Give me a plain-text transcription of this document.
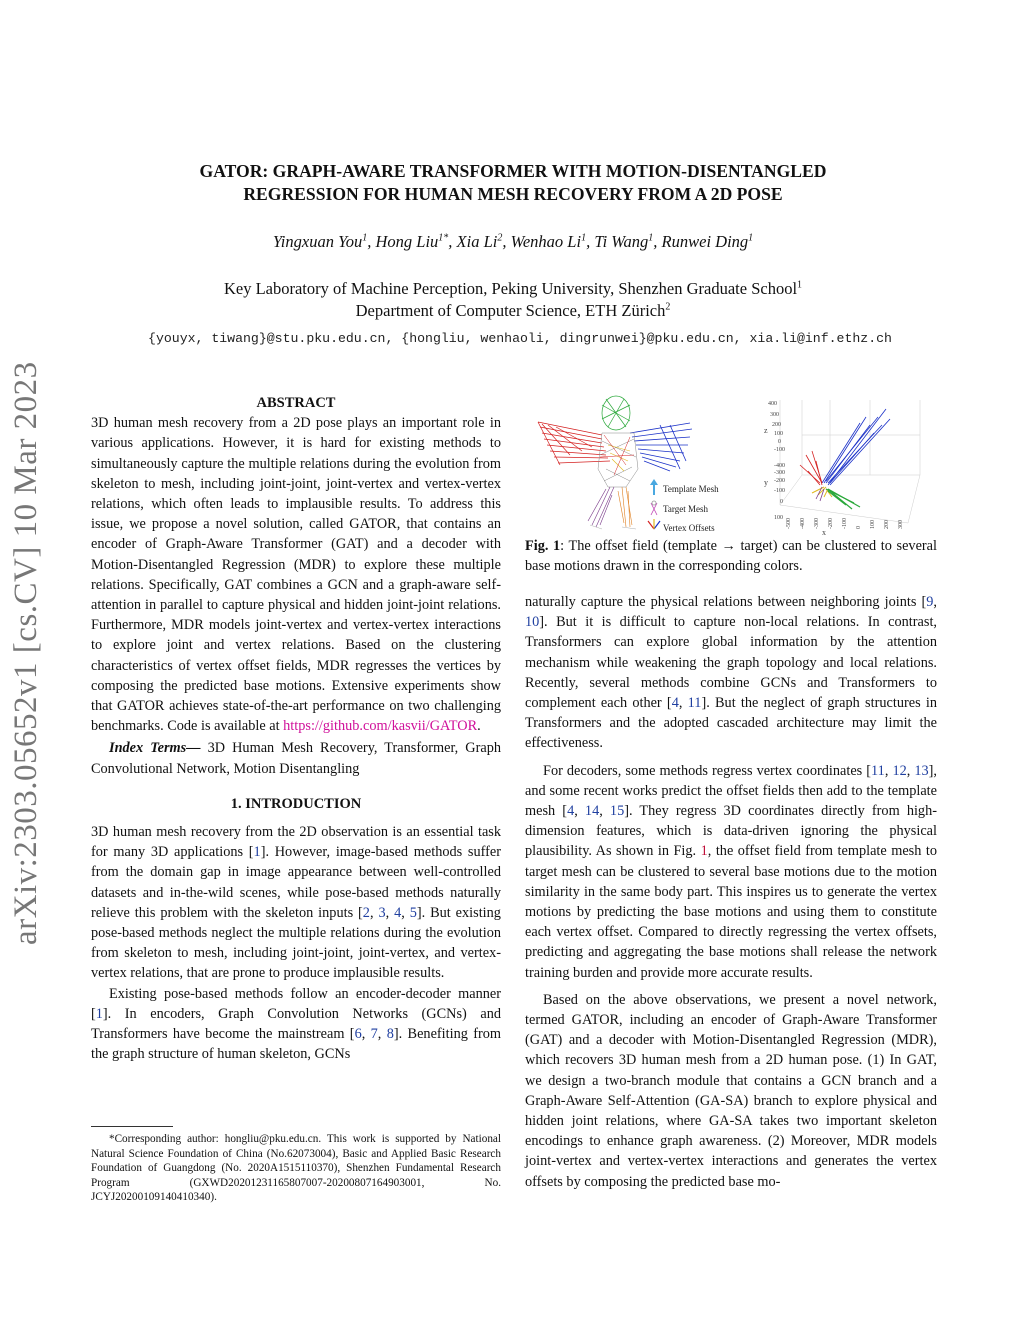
arXiv:2303.05652v1 [cs.CV] 10 Mar 2023
GATOR: GRAPH-AWARE TRANSFORMER WITH MOTION-DISENTANGLED
REGRESSION FOR HUMAN MESH RECOVERY FROM A 2D POSE
Yingxuan You$^1$, Hong Liu$^{1*}$, Xia Li$^2$, Wenhao Li$^1$, Ti Wang$^1$, Runwei Ding$^1$
Key Laboratory of Machine Perception, Peking University, Shenzhen Graduate School$^1$
Department of Computer Science, ETH Zürich$^2$
{youyx, tiwang}@stu.pku.edu.cn, {hongliu, wenhaoli, dingrunwei}@pku.edu.cn, xia.li@inf.ethz.ch
ABSTRACT

3D human mesh recovery from a 2D pose plays an important role in various applications. However, it is hard for existing methods to simultaneously capture the multiple relations during the evolution from skeleton to mesh, including joint-joint, joint-vertex and vertex-vertex relations, which often leads to implausible results. To address this issue, we propose a novel solution, called GATOR, that contains an encoder of Graph-Aware Transformer (GAT) and a decoder with Motion-Disentangled Regression (MDR) to explore these multiple relations. Specifically, GAT combines a GCN and a graph-aware self-attention in parallel to capture physical and hidden joint-joint relations. Furthermore, MDR models joint-vertex and vertex-vertex interactions to explore joint and vertex relations. Based on the clustering characteristics of vertex offset fields, MDR regresses the vertices by composing the predicted base motions. Extensive experiments show that GATOR achieves state-of-the-art performance on two challenging benchmarks. Code is available at https://github.com/kasvii/GATOR.

Index Terms— 3D Human Mesh Recovery, Transformer, Graph Convolutional Network, Motion Disentangling

1. INTRODUCTION

3D human mesh recovery from the 2D observation is an essential task for many 3D applications [1]. However, image-based methods suffer from the domain gap in image appearance between well-controlled datasets and in-the-wild scenes, while pose-based methods naturally relieve this problem with the skeleton inputs [2, 3, 4, 5]. But existing pose-based methods neglect the multiple relations during the evolution from skeleton to mesh, including joint-joint, joint-vertex, and vertex-vertex relations, that are prone to produce implausible results.

Existing pose-based methods follow an encoder-decoder manner [1]. In encoders, Graph Convolution Networks (GCNs) and Transformers have become the mainstream [6, 7, 8]. Benefiting from the graph structure of human skeleton, GCNs

*Corresponding author: hongliu@pku.edu.cn. This work is supported by National Natural Science Foundation of China (No.62073004), Basic and Applied Basic Research Foundation of Guangdong (No. 2020A1515110370), Shenzhen Fundamental Research Program (GXWD20201231165807007-20200807164903001, No. JCYJ20200109140410340).
Template Mesh
Target Mesh
Vertex Offsets
400
300
200
100
0
-100
z
-400
-300
-200
-100
0
100
y
-500 -400 -300 -200 -100 0 100 200 300
x
Fig. 1: The offset field (template → target) can be clustered to several base motions drawn in the corresponding colors.

naturally capture the physical relations between neighboring joints [9, 10]. But it is difficult to capture non-local relations. In contrast, Transformers can explore global information by the attention mechanism while weakening the graph topology and local relations. Recently, several methods combine GCNs and Transformers to complement each other [4, 11]. But the neglect of graph structures in Transformers and the adopted cascaded architecture may limit the effectiveness.

For decoders, some methods regress vertex coordinates [11, 12, 13], and some recent works predict the offset fields then add to the template mesh [4, 14, 15]. They regress 3D coordinates directly from high-dimension features, which is data-driven ignoring the physical plausibility. As shown in Fig. 1, the offset field from template mesh to target mesh can be clustered to several base motions due to the motion similarity in the same body part. This inspires us to generate the vertex motions by predicting the base motions and using them to constitute each vertex offset. Compared to directly regressing the vertex offsets, predicting and aggregating the base motions shall release the network training burden and provide more accurate results.

Based on the above observations, we present a novel network, termed GATOR, including an encoder of Graph-Aware Transformer (GAT) and a decoder with Motion-Disentangled Regression (MDR), which recovers 3D human mesh from a 2D human pose. (1) In GAT, we design a two-branch module that contains a GCN branch and a Graph-Aware Self-Attention (GA-SA) branch to explore physical and hidden joint relations, where GA-SA takes two important skeleton encodings to enhance graph awareness. (2) Moreover, MDR models joint-vertex and vertex-vertex interactions and generates the vertex offsets by composing the predicted base mo-
